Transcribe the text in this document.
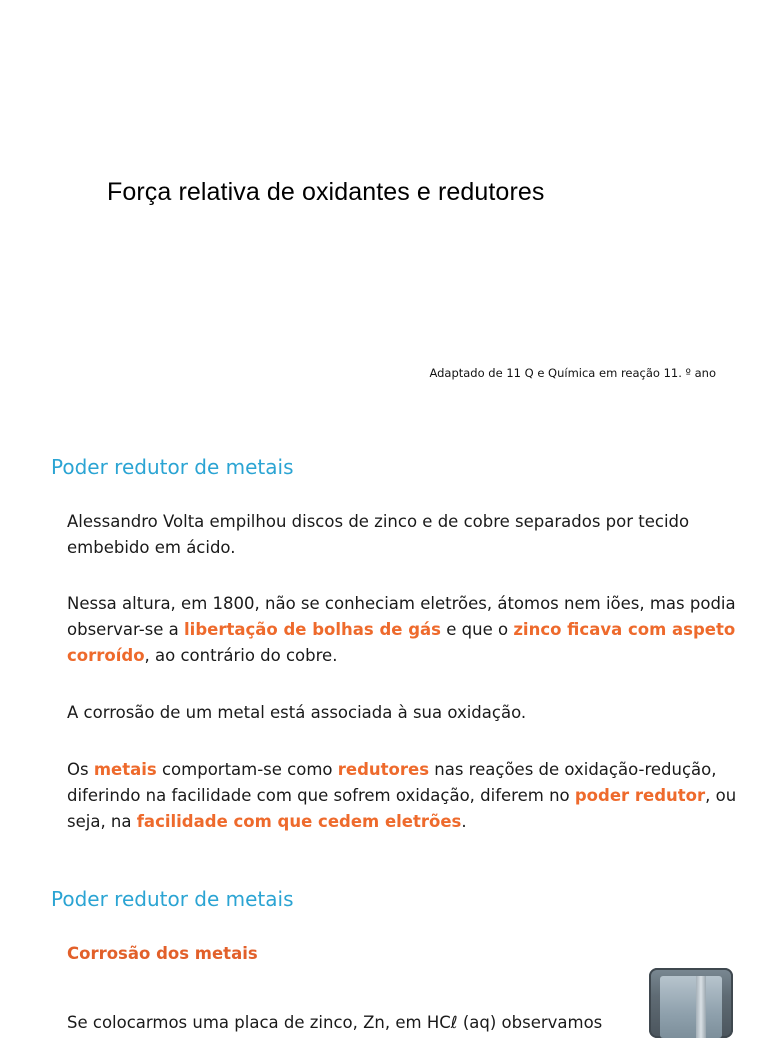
Força relativa de oxidantes e redutores

Adaptado de 11 Q e Química em reação 11. º ano

Poder redutor de metais

Alessandro Volta empilhou discos de zinco e de cobre separados por tecido embebido em ácido.

Nessa altura, em 1800, não se conheciam eletrões, átomos nem iões, mas podia observar-se a libertação de bolhas de gás e que o zinco ficava com aspeto corroído, ao contrário do cobre.

A corrosão de um metal está associada à sua oxidação.

Os metais comportam-se como redutores nas reações de oxidação-redução, diferindo na facilidade com que sofrem oxidação, diferem no poder redutor, ou seja, na facilidade com que cedem eletrões.

Poder redutor de metais

Corrosão dos metais

Se colocarmos uma placa de zinco, Zn, em HCℓ (aq) observamos
